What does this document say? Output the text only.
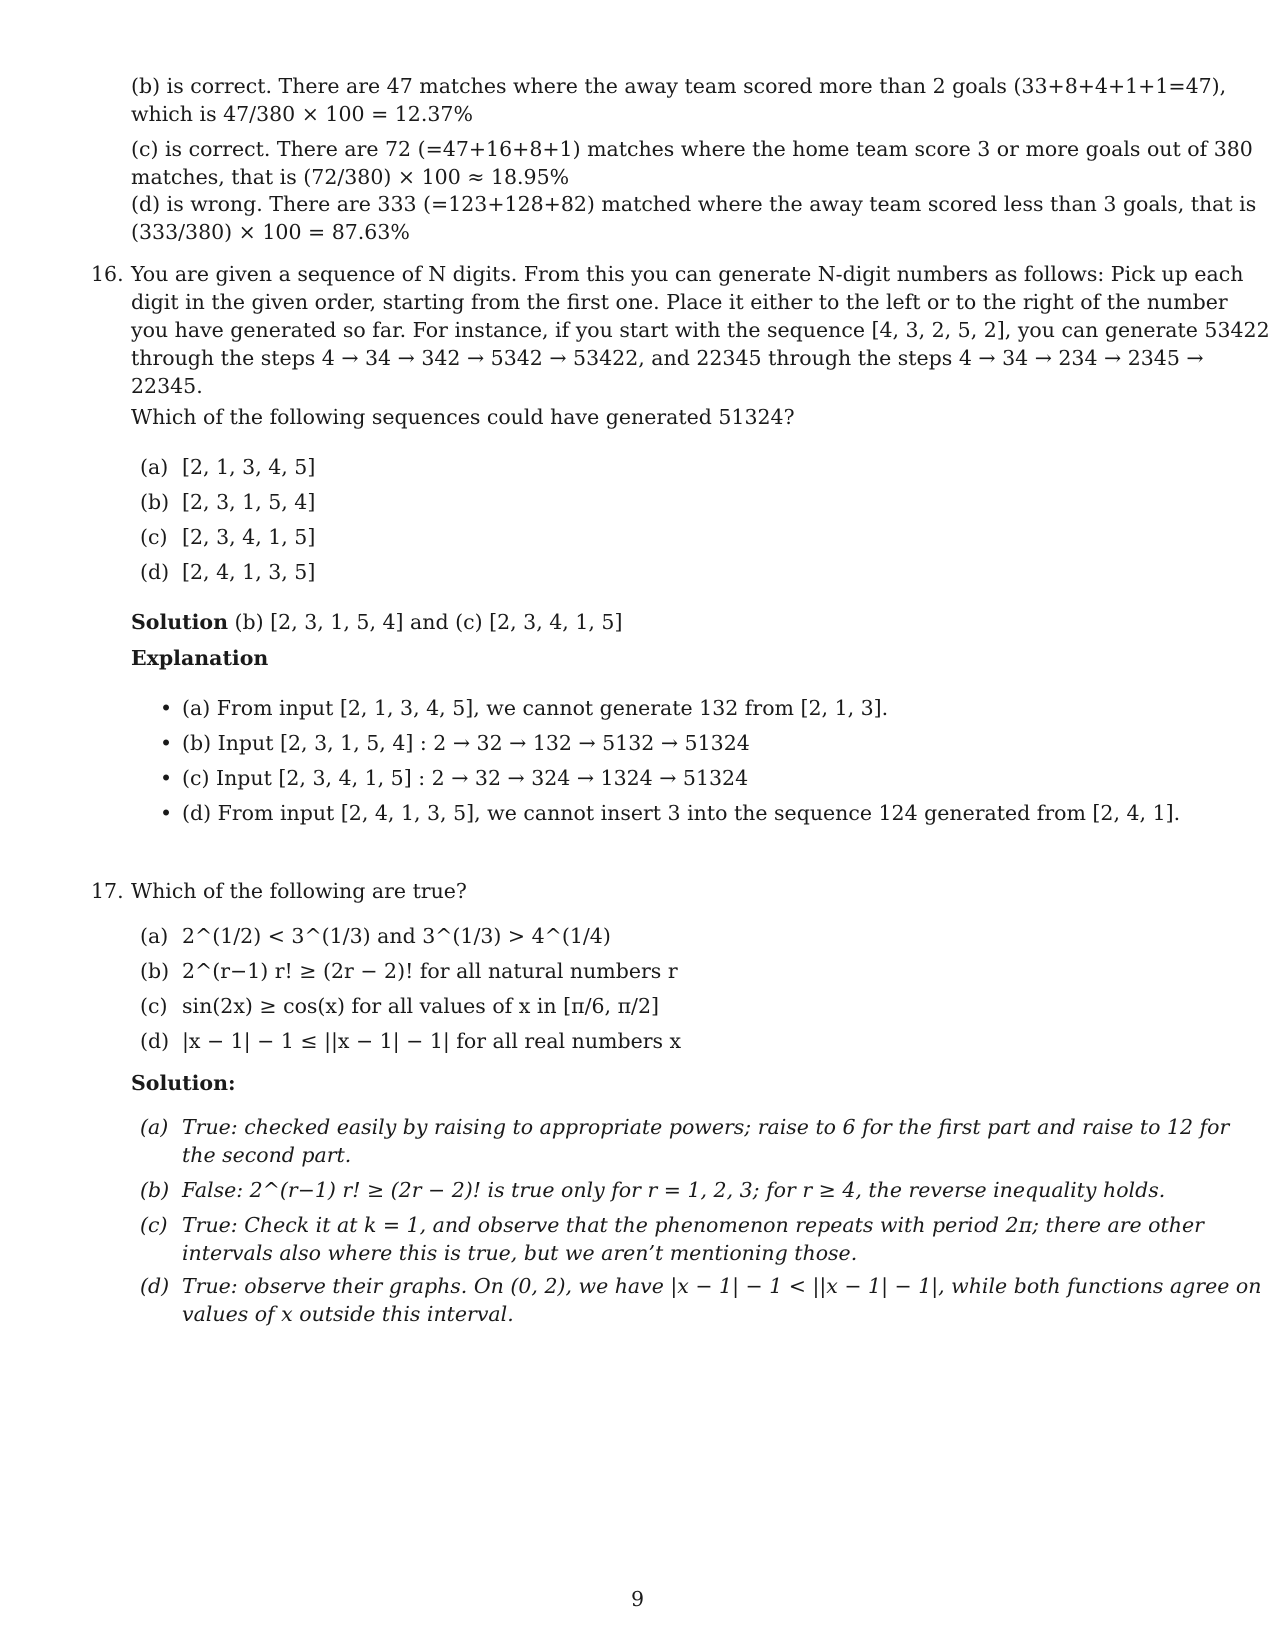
(b) is correct. There are 47 matches where the away team scored more than 2 goals (33+8+4+1+1=47),
which is 47/380 × 100 = 12.37%
(c) is correct. There are 72 (=47+16+8+1) matches where the home team score 3 or more goals out of 380
matches, that is (72/380) × 100 ≈ 18.95%
(d) is wrong. There are 333 (=123+128+82) matched where the away team scored less than 3 goals, that is
(333/380) × 100 = 87.63%
16. You are given a sequence of N digits. From this you can generate N-digit numbers as follows: Pick up each
digit in the given order, starting from the first one. Place it either to the left or to the right of the number
you have generated so far. For instance, if you start with the sequence [4, 3, 2, 5, 2], you can generate 53422
through the steps 4 → 34 → 342 → 5342 → 53422, and 22345 through the steps 4 → 34 → 234 → 2345 →
22345.
Which of the following sequences could have generated 51324?
(a) [2, 1, 3, 4, 5]
(b) [2, 3, 1, 5, 4]
(c) [2, 3, 4, 1, 5]
(d) [2, 4, 1, 3, 5]
Solution (b) [2, 3, 1, 5, 4] and (c) [2, 3, 4, 1, 5]
Explanation
• (a) From input [2, 1, 3, 4, 5], we cannot generate 132 from [2, 1, 3].
• (b) Input [2, 3, 1, 5, 4] : 2 → 32 → 132 → 5132 → 51324
• (c) Input [2, 3, 4, 1, 5] : 2 → 32 → 324 → 1324 → 51324
• (d) From input [2, 4, 1, 3, 5], we cannot insert 3 into the sequence 124 generated from [2, 4, 1].
17. Which of the following are true?
(a) 2^(1/2) < 3^(1/3) and 3^(1/3) > 4^(1/4)
(b) 2^(r−1) r! ≥ (2r − 2)! for all natural numbers r
(c) sin(2x) ≥ cos(x) for all values of x in [π/6, π/2]
(d) |x − 1| − 1 ≤ ||x − 1| − 1| for all real numbers x
Solution:
(a) True: checked easily by raising to appropriate powers; raise to 6 for the first part and raise to 12 for
the second part.
(b) False: 2^(r−1) r! ≥ (2r − 2)! is true only for r = 1, 2, 3; for r ≥ 4, the reverse inequality holds.
(c) True: Check it at k = 1, and observe that the phenomenon repeats with period 2π; there are other
intervals also where this is true, but we aren’t mentioning those.
(d) True: observe their graphs. On (0, 2), we have |x − 1| − 1 < ||x − 1| − 1|, while both functions agree on
values of x outside this interval.
9
